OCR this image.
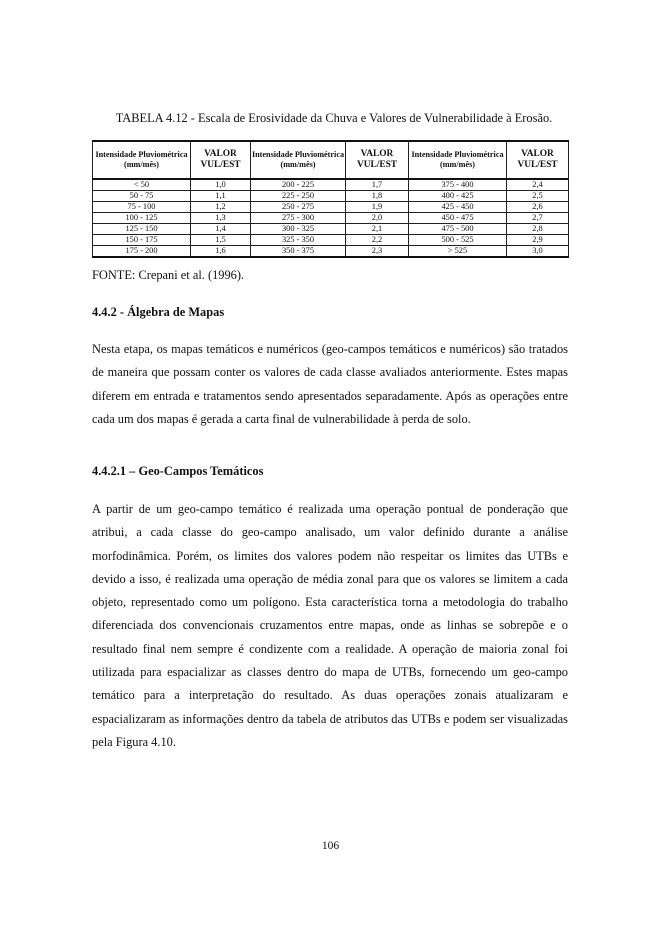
TABELA 4.12 - Escala de Erosividade da Chuva e Valores de Vulnerabilidade à Erosão.
Intensidade Pluviométrica (mm/mês)	VALOR VUL/EST	Intensidade Pluviométrica (mm/mês)	VALOR VUL/EST	Intensidade Pluviométrica (mm/mês)	VALOR VUL/EST
< 50	1,0	200 - 225	1,7	375 - 400	2,4
50 - 75	1,1	225 - 250	1,8	400 - 425	2,5
75 - 100	1,2	250 - 275	1,9	425 - 450	2,6
100 - 125	1,3	275 - 300	2,0	450 - 475	2,7
125 - 150	1,4	300 - 325	2,1	475 - 500	2,8
150 - 175	1,5	325 - 350	2,2	500 - 525	2,9
175 - 200	1,6	350 - 375	2,3	> 525	3,0
FONTE: Crepani et al. (1996).
4.4.2 - Álgebra de Mapas

Nesta etapa, os mapas temáticos e numéricos (geo-campos temáticos e numéricos) são tratados de maneira que possam conter os valores de cada classe avaliados anteriormente. Estes mapas diferem em entrada e tratamentos sendo apresentados separadamente. Após as operações entre cada um dos mapas é gerada a carta final de vulnerabilidade à perda de solo.

4.4.2.1 – Geo-Campos Temáticos

A partir de um geo-campo temático é realizada uma operação pontual de ponderação que atribui, a cada classe do geo-campo analisado, um valor definido durante a análise morfodinâmica. Porém, os limites dos valores podem não respeitar os limites das UTBs e devido a isso, é realizada uma operação de média zonal para que os valores se limitem a cada objeto, representado como um polígono. Esta característica torna a metodologia do trabalho diferenciada dos convencionais cruzamentos entre mapas, onde as linhas se sobrepõe e o resultado final nem sempre é condizente com a realidade. A operação de maioria zonal foi utilizada para espacializar as classes dentro do mapa de UTBs, fornecendo um geo-campo temático para a interpretação do resultado. As duas operações zonais atualizaram e espacializaram as informações dentro da tabela de atributos das UTBs e podem ser visualizadas pela Figura 4.10.

106
